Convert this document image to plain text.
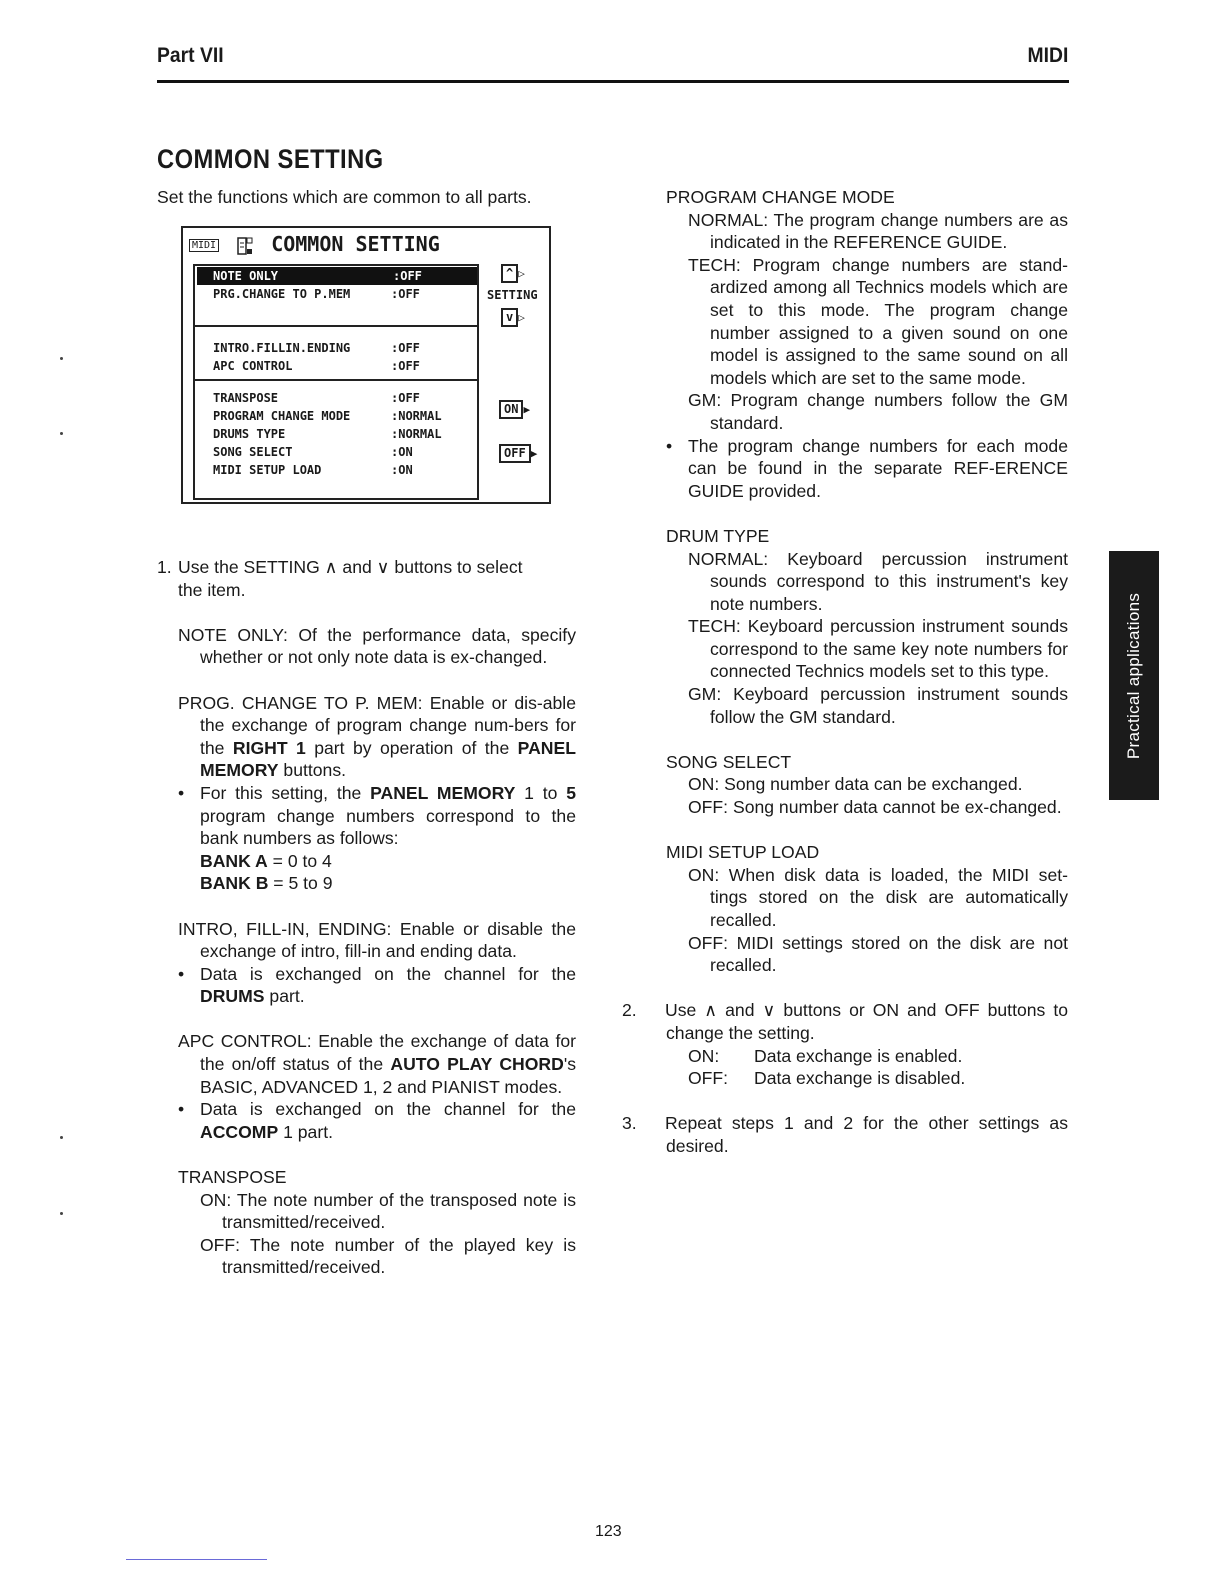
Part VII	MIDI
COMMON SETTING
Set the functions which are common to all parts.
MIDI	COMMON SETTING
NOTE ONLY	:OFF
PRG.CHANGE TO P.MEM	:OFF
INTRO.FILLIN.ENDING	:OFF
APC CONTROL	:OFF
TRANSPOSE	:OFF
PROGRAM CHANGE MODE	:NORMAL
DRUMS TYPE	:NORMAL
SONG SELECT	:ON
MIDI SETUP LOAD	:ON
^ ▷
SETTING
v ▷
ON ▶
OFF ▶

1. Use the SETTING ∧ and ∨ buttons to select

the item.

NOTE ONLY: Of the performance data, specify whether or not only note data is ex-changed.

PROG. CHANGE TO P. MEM: Enable or dis-able the exchange of program change num-bers for the RIGHT 1 part by operation of the PANEL MEMORY buttons.

• For this setting, the PANEL MEMORY 1 to 5 program change numbers correspond to the bank numbers as follows:

BANK A = 0 to 4

BANK B = 5 to 9

INTRO, FILL-IN, ENDING: Enable or disable the exchange of intro, fill-in and ending data.

• Data is exchanged on the channel for the DRUMS part.

APC CONTROL: Enable the exchange of data for the on/off status of the AUTO PLAY CHORD's BASIC, ADVANCED 1, 2 and PIANIST modes.

• Data is exchanged on the channel for the ACCOMP 1 part.

TRANSPOSE

ON: The note number of the transposed note is transmitted/received.

OFF: The note number of the played key is transmitted/received.

PROGRAM CHANGE MODE

NORMAL: The program change numbers are as indicated in the REFERENCE GUIDE.

TECH: Program change numbers are stand-ardized among all Technics models which are set to this mode. The program change number assigned to a given sound on one model is assigned to the same sound on all models which are set to the same mode.

GM: Program change numbers follow the GM standard.

• The program change numbers for each mode can be found in the separate REF-ERENCE GUIDE provided.

DRUM TYPE

NORMAL: Keyboard percussion instrument sounds correspond to this instrument's key note numbers.

TECH: Keyboard percussion instrument sounds correspond to the same key note numbers for connected Technics models set to this type.

GM: Keyboard percussion instrument sounds follow the GM standard.

SONG SELECT

ON: Song number data can be exchanged.

OFF: Song number data cannot be ex-changed.

MIDI SETUP LOAD

ON: When disk data is loaded, the MIDI set-tings stored on the disk are automatically recalled.

OFF: MIDI settings stored on the disk are not recalled.

2. Use ∧ and ∨ buttons or ON and OFF buttons to change the setting.

ON: Data exchange is enabled.

OFF: Data exchange is disabled.

3. Repeat steps 1 and 2 for the other settings as desired.

Practical applications
123
